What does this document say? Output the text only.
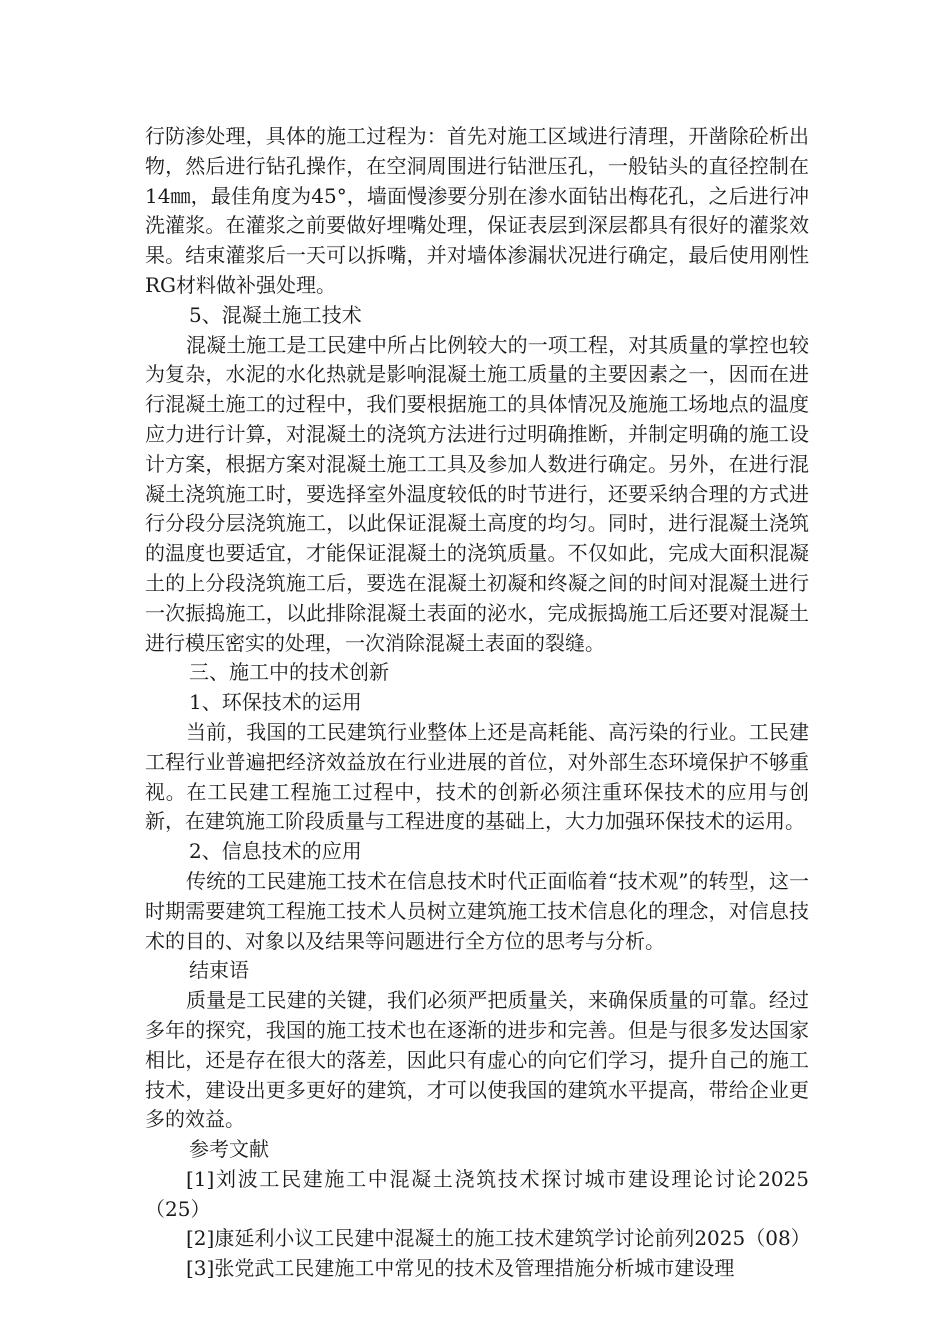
行防渗处理，具体的施工过程为：首先对施工区域进行清理，开凿除砼析出物，然后进行钻孔操作，在空洞周围进行钻泄压孔，一般钻头的直径控制在14㎜，最佳角度为45°，墙面慢渗要分别在渗水面钻出梅花孔，之后进行冲洗灌浆。在灌浆之前要做好埋嘴处理，保证表层到深层都具有很好的灌浆效果。结束灌浆后一天可以拆嘴，并对墙体渗漏状况进行确定，最后使用刚性RG材料做补强处理。

5、混凝土施工技术

混凝土施工是工民建中所占比例较大的一项工程，对其质量的掌控也较为复杂，水泥的水化热就是影响混凝土施工质量的主要因素之一，因而在进行混凝土施工的过程中，我们要根据施工的具体情况及施施工场地点的温度应力进行计算，对混凝土的浇筑方法进行过明确推断，并制定明确的施工设计方案，根据方案对混凝土施工工具及参加人数进行确定。另外，在进行混凝土浇筑施工时，要选择室外温度较低的时节进行，还要采纳合理的方式进行分段分层浇筑施工，以此保证混凝土高度的均匀。同时，进行混凝土浇筑的温度也要适宜，才能保证混凝土的浇筑质量。不仅如此，完成大面积混凝土的上分段浇筑施工后，要选在混凝土初凝和终凝之间的时间对混凝土进行一次振捣施工，以此排除混凝土表面的泌水，完成振捣施工后还要对混凝土进行模压密实的处理，一次消除混凝土表面的裂缝。

三、施工中的技术创新

1、环保技术的运用

当前，我国的工民建筑行业整体上还是高耗能、高污染的行业。工民建工程行业普遍把经济效益放在行业进展的首位，对外部生态环境保护不够重视。在工民建工程施工过程中，技术的创新必须注重环保技术的应用与创新，在建筑施工阶段质量与工程进度的基础上，大力加强环保技术的运用。

2、信息技术的应用

传统的工民建施工技术在信息技术时代正面临着“技术观”的转型，这一时期需要建筑工程施工技术人员树立建筑施工技术信息化的理念，对信息技术的目的、对象以及结果等问题进行全方位的思考与分析。

结束语

质量是工民建的关键，我们必须严把质量关，来确保质量的可靠。经过多年的探究，我国的施工技术也在逐渐的进步和完善。但是与很多发达国家相比，还是存在很大的落差，因此只有虚心的向它们学习，提升自己的施工技术，建设出更多更好的建筑，才可以使我国的建筑水平提高，带给企业更多的效益。

参考文献

[1]刘波工民建施工中混凝土浇筑技术探讨城市建设理论讨论2025（25）

[2]康延利小议工民建中混凝土的施工技术建筑学讨论前列2025（08）

[3]张党武工民建施工中常见的技术及管理措施分析城市建设理
